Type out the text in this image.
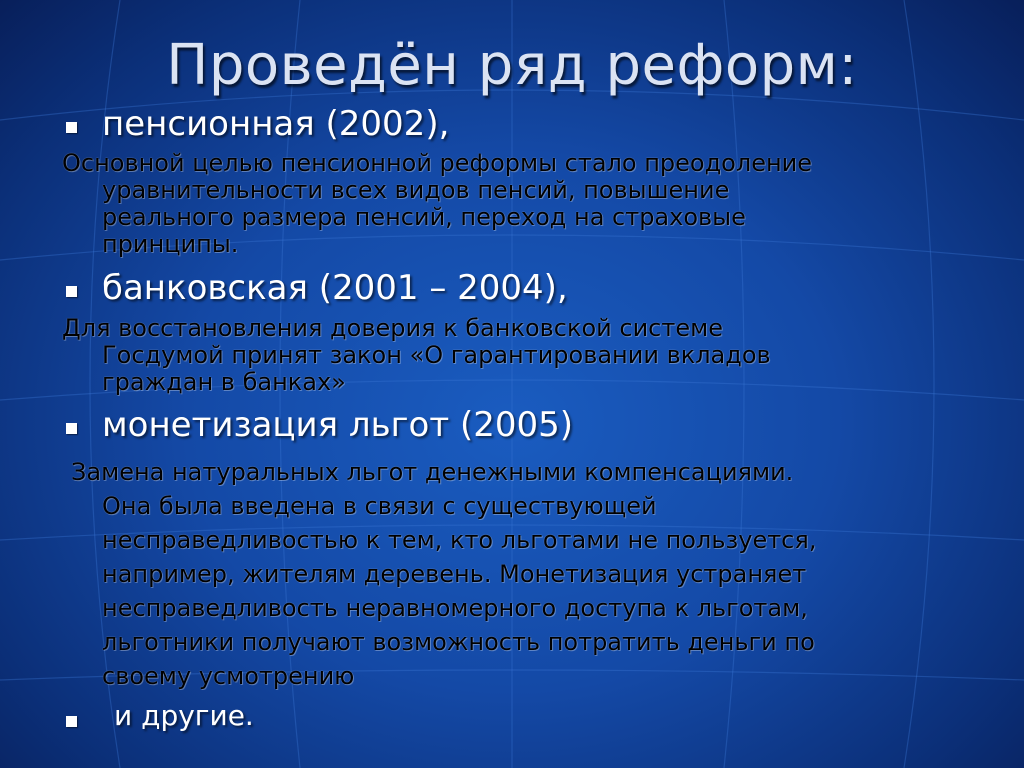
Проведён ряд реформ:
пенсионная (2002),
Основной целью пенсионной реформы стало преодоление
уравнительности всех видов пенсий, повышение
реального размера пенсий, переход на страховые
принципы.
банковская (2001 – 2004),
Для восстановления доверия к банковской системе
Госдумой принят закон «О гарантировании вкладов
граждан в банках»
монетизация льгот (2005)
Замена натуральных льгот денежными компенсациями.
Она была введена в связи с существующей
несправедливостью к тем, кто льготами не пользуется,
например, жителям деревень. Монетизация устраняет
несправедливость неравномерного доступа к льготам,
льготники получают возможность потратить деньги по
своему усмотрению
и другие.
